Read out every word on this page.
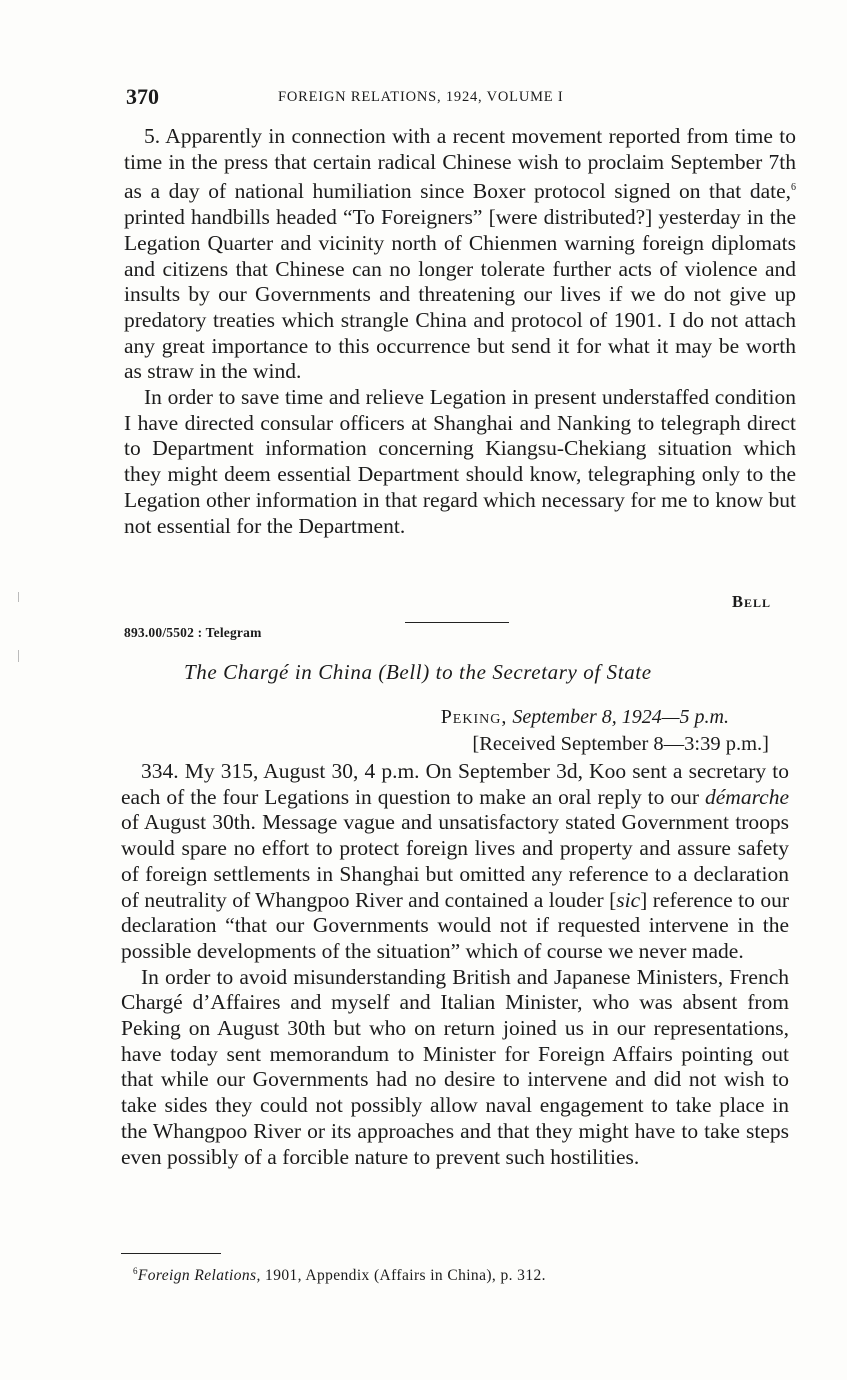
370	FOREIGN RELATIONS, 1924, VOLUME I

5. Apparently in connection with a recent movement reported from time to time in the press that certain radical Chinese wish to proclaim September 7th as a day of national humiliation since Boxer protocol signed on that date,$^6$ printed handbills headed “To Foreigners” [were distributed?] yesterday in the Legation Quarter and vicinity north of Chienmen warning foreign diplomats and citizens that Chinese can no longer tolerate further acts of violence and insults by our Governments and threatening our lives if we do not give up predatory treaties which strangle China and protocol of 1901. I do not attach any great importance to this occurrence but send it for what it may be worth as straw in the wind.

In order to save time and relieve Legation in present understaffed condition I have directed consular officers at Shanghai and Nanking to telegraph direct to Department information concerning Kiangsu-Chekiang situation which they might deem essential Department should know, telegraphing only to the Legation other information in that regard which necessary for me to know but not essential for the Department.

Bell
893.00/5502 : Telegram
The Chargé in China (Bell) to the Secretary of State
Peking, September 8, 1924—5 p.m.
[Received September 8—3:39 p.m.]

334. My 315, August 30, 4 p.m. On September 3d, Koo sent a secretary to each of the four Legations in question to make an oral reply to our démarche of August 30th. Message vague and unsatisfactory stated Government troops would spare no effort to protect foreign lives and property and assure safety of foreign settlements in Shanghai but omitted any reference to a declaration of neutrality of Whangpoo River and contained a louder [sic] reference to our declaration “that our Governments would not if requested intervene in the possible developments of the situation” which of course we never made.

In order to avoid misunderstanding British and Japanese Ministers, French Chargé d’Affaires and myself and Italian Minister, who was absent from Peking on August 30th but who on return joined us in our representations, have today sent memorandum to Minister for Foreign Affairs pointing out that while our Governments had no desire to intervene and did not wish to take sides they could not possibly allow naval engagement to take place in the Whangpoo River or its approaches and that they might have to take steps even possibly of a forcible nature to prevent such hostilities.

$^6$Foreign Relations, 1901, Appendix (Affairs in China), p. 312.
